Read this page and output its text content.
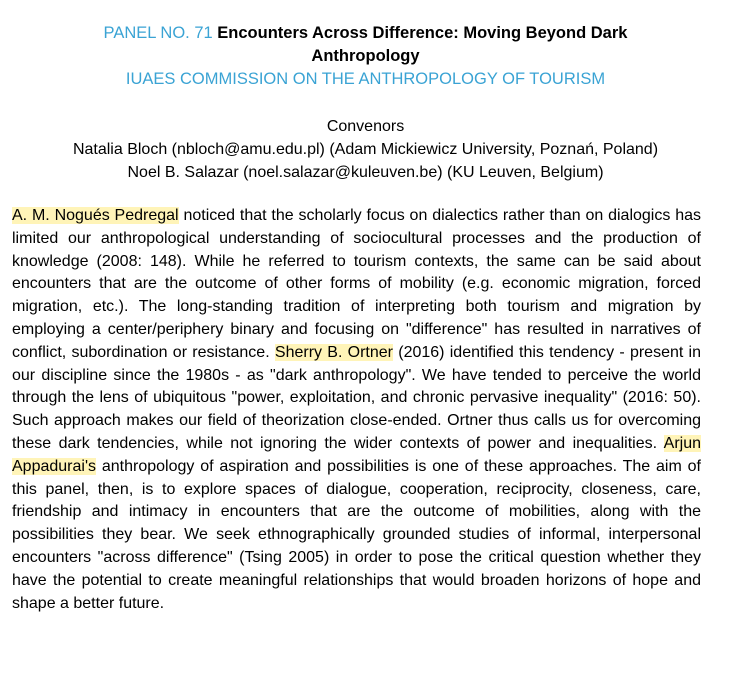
PANEL NO. 71 Encounters Across Difference: Moving Beyond Dark
Anthropology
IUAES COMMISSION ON THE ANTHROPOLOGY OF TOURISM
Convenors
Natalia Bloch (nbloch@amu.edu.pl) (Adam Mickiewicz University, Poznań, Poland)
Noel B. Salazar (noel.salazar@kuleuven.be) (KU Leuven, Belgium)

A. M. Nogués Pedregal noticed that the scholarly focus on dialectics rather than on dialogics has limited our anthropological understanding of sociocultural processes and the production of knowledge (2008: 148). While he referred to tourism contexts, the same can be said about encounters that are the outcome of other forms of mobility (e.g. economic migration, forced migration, etc.). The long-standing tradition of interpreting both tourism and migration by employing a center/periphery binary and focusing on "difference" has resulted in narratives of conflict, subordination or resistance. Sherry B. Ortner (2016) identified this tendency - present in our discipline since the 1980s - as "dark anthropology". We have tended to perceive the world through the lens of ubiquitous "power, exploitation, and chronic pervasive inequality" (2016: 50). Such approach makes our field of theorization close-ended. Ortner thus calls us for overcoming these dark tendencies, while not ignoring the wider contexts of power and inequalities. Arjun Appadurai's anthropology of aspiration and possibilities is one of these approaches. The aim of this panel, then, is to explore spaces of dialogue, cooperation, reciprocity, closeness, care, friendship and intimacy in encounters that are the outcome of mobilities, along with the possibilities they bear. We seek ethnographically grounded studies of informal, interpersonal encounters "across difference" (Tsing 2005) in order to pose the critical question whether they have the potential to create meaningful relationships that would broaden horizons of hope and shape a better future.
